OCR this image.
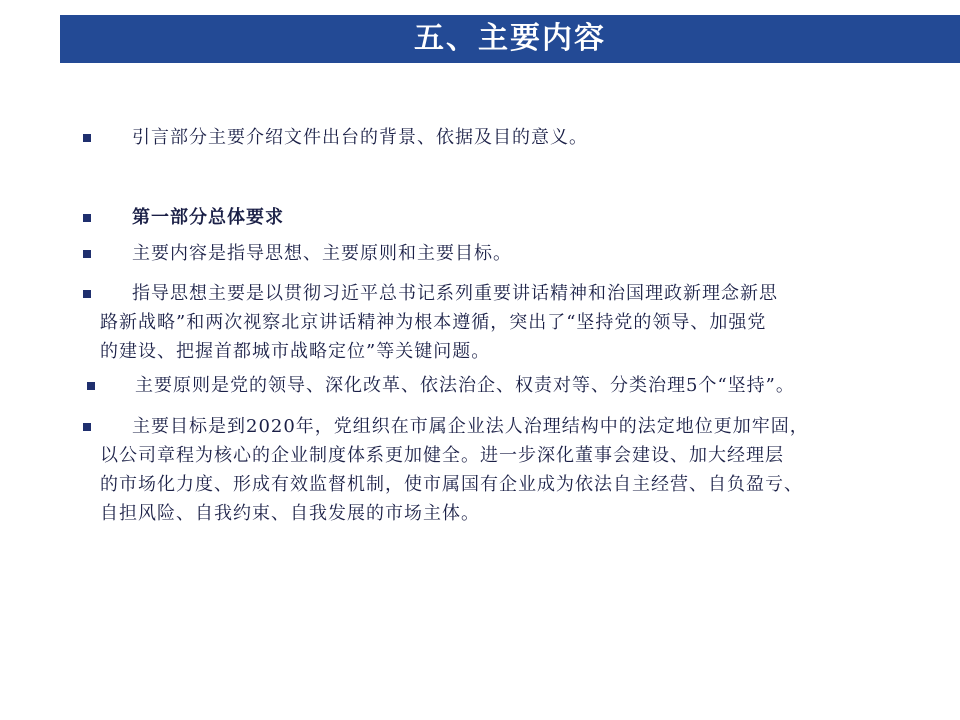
五、主要内容
引言部分主要介绍文件出台的背景、依据及目的意义。
第一部分总体要求
主要内容是指导思想、主要原则和主要目标。
指导思想主要是以贯彻习近平总书记系列重要讲话精神和治国理政新理念新思
路新战略”和两次视察北京讲话精神为根本遵循，突出了“坚持党的领导、加强党
的建设、把握首都城市战略定位”等关键问题。
主要原则是党的领导、深化改革、依法治企、权责对等、分类治理5个“坚持”。
主要目标是到2020年，党组织在市属企业法人治理结构中的法定地位更加牢固，
以公司章程为核心的企业制度体系更加健全。进一步深化董事会建设、加大经理层
的市场化力度、形成有效监督机制，使市属国有企业成为依法自主经营、自负盈亏、
自担风险、自我约束、自我发展的市场主体。
